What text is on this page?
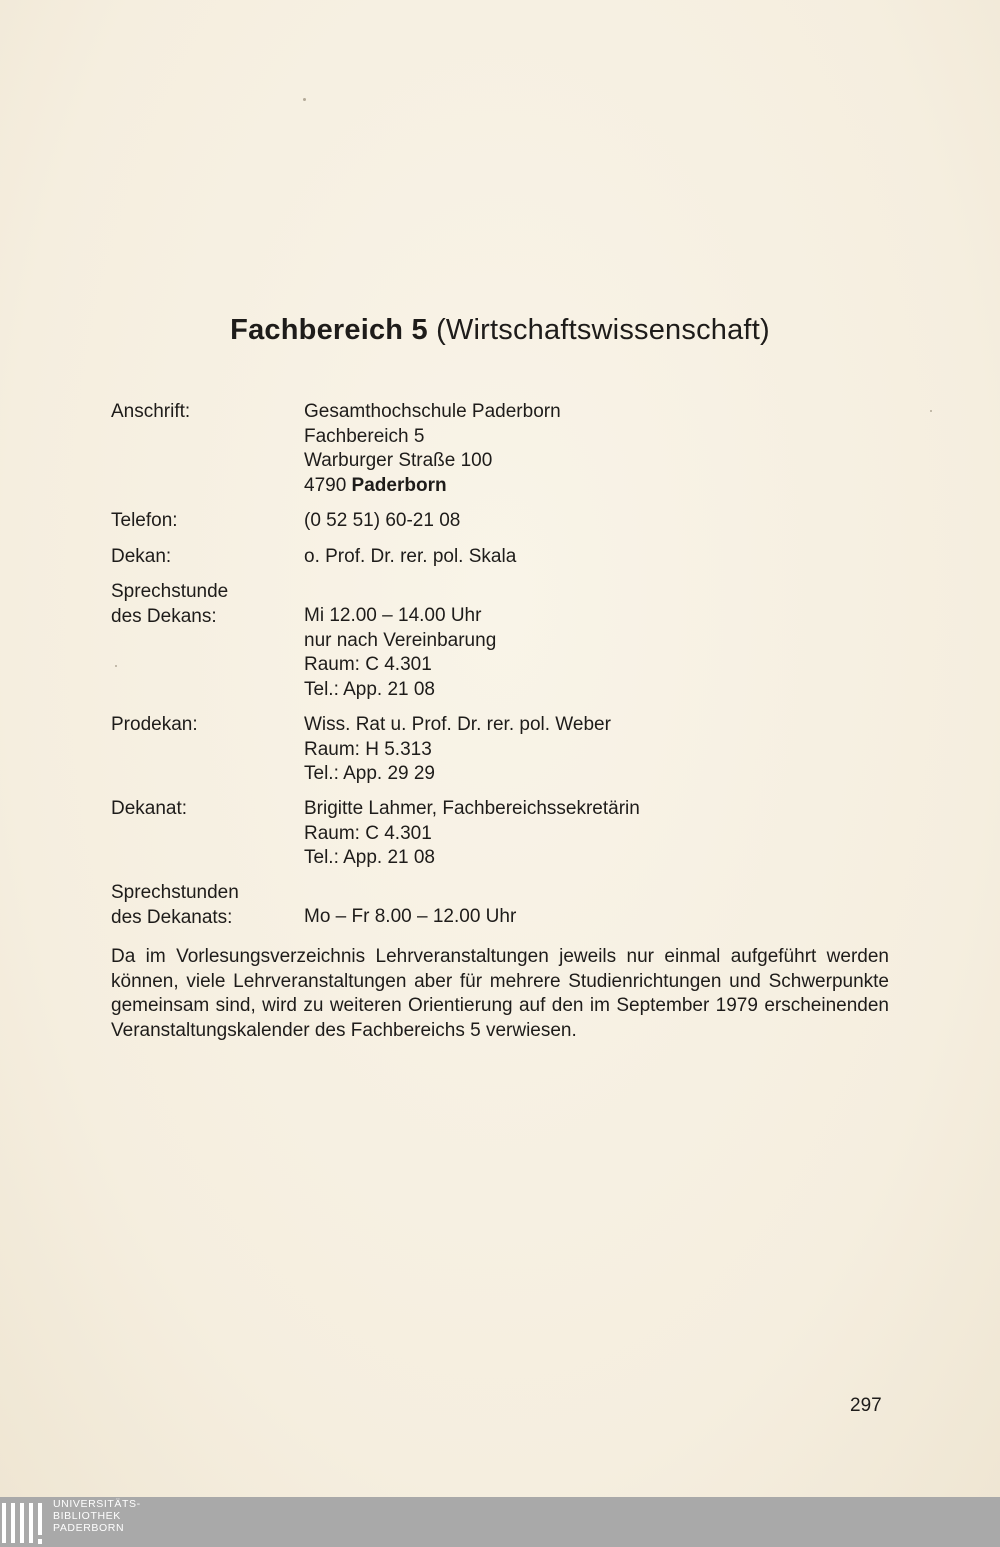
Fachbereich 5 (Wirtschaftswissenschaft)
Anschrift:	Gesamthochschule Paderborn
Fachbereich 5
Warburger Straße 100
4790 Paderborn
Telefon:	(0 52 51) 60-21 08
Dekan:	o. Prof. Dr. rer. pol. Skala
Sprechstunde
des Dekans:	Mi 12.00 – 14.00 Uhr
nur nach Vereinbarung
Raum: C 4.301
Tel.: App. 21 08
Prodekan:	Wiss. Rat u. Prof. Dr. rer. pol. Weber
Raum: H 5.313
Tel.: App. 29 29
Dekanat:	Brigitte Lahmer, Fachbereichssekretärin
Raum: C 4.301
Tel.: App. 21 08
Sprechstunden
des Dekanats:	Mo – Fr 8.00 – 12.00 Uhr

Da im Vorlesungsverzeichnis Lehrveranstaltungen jeweils nur einmal aufgeführt werden können, viele Lehrveranstaltungen aber für mehrere Studienrichtungen und Schwerpunkte gemeinsam sind, wird zu weiteren Orientierung auf den im September 1979 erscheinenden Veranstaltungskalender des Fachbereichs 5 verwiesen.

297
UNIVERSITÄTS-
BIBLIOTHEK
PADERBORN
